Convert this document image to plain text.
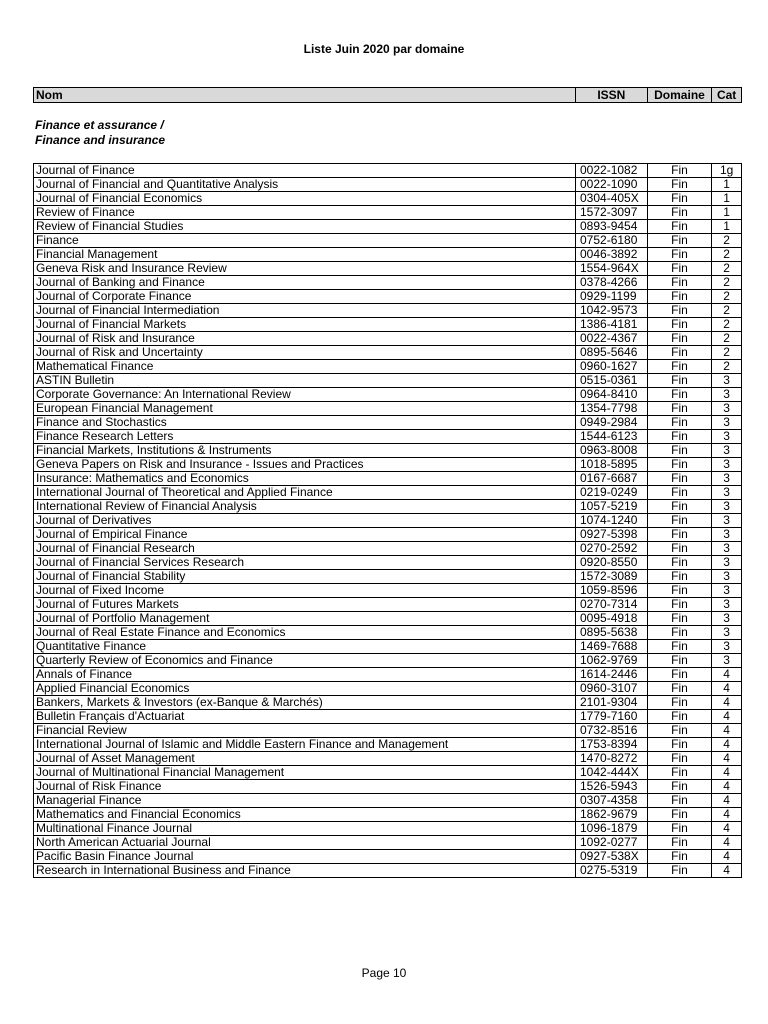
Liste Juin 2020 par domaine
Nom	ISSN	Domaine	Cat
Finance et assurance /
Finance and insurance
Journal of Finance	0022-1082	Fin	1g
Journal of Financial and Quantitative Analysis	0022-1090	Fin	1
Journal of Financial Economics	0304-405X	Fin	1
Review of Finance	1572-3097	Fin	1
Review of Financial Studies	0893-9454	Fin	1
Finance	0752-6180	Fin	2
Financial Management	0046-3892	Fin	2
Geneva Risk and Insurance Review	1554-964X	Fin	2
Journal of Banking and Finance	0378-4266	Fin	2
Journal of Corporate Finance	0929-1199	Fin	2
Journal of Financial Intermediation	1042-9573	Fin	2
Journal of Financial Markets	1386-4181	Fin	2
Journal of Risk and Insurance	0022-4367	Fin	2
Journal of Risk and Uncertainty	0895-5646	Fin	2
Mathematical Finance	0960-1627	Fin	2
ASTIN Bulletin	0515-0361	Fin	3
Corporate Governance: An International Review	0964-8410	Fin	3
European Financial Management	1354-7798	Fin	3
Finance and Stochastics	0949-2984	Fin	3
Finance Research Letters	1544-6123	Fin	3
Financial Markets, Institutions & Instruments	0963-8008	Fin	3
Geneva Papers on Risk and Insurance - Issues and Practices	1018-5895	Fin	3
Insurance: Mathematics and Economics	0167-6687	Fin	3
International Journal of Theoretical and Applied Finance	0219-0249	Fin	3
International Review of Financial Analysis	1057-5219	Fin	3
Journal of Derivatives	1074-1240	Fin	3
Journal of Empirical Finance	0927-5398	Fin	3
Journal of Financial Research	0270-2592	Fin	3
Journal of Financial Services Research	0920-8550	Fin	3
Journal of Financial Stability	1572-3089	Fin	3
Journal of Fixed Income	1059-8596	Fin	3
Journal of Futures Markets	0270-7314	Fin	3
Journal of Portfolio Management	0095-4918	Fin	3
Journal of Real Estate Finance and Economics	0895-5638	Fin	3
Quantitative Finance	1469-7688	Fin	3
Quarterly Review of Economics and Finance	1062-9769	Fin	3
Annals of Finance	1614-2446	Fin	4
Applied Financial Economics	0960-3107	Fin	4
Bankers, Markets & Investors (ex-Banque & Marchés)	2101-9304	Fin	4
Bulletin Français d'Actuariat	1779-7160	Fin	4
Financial Review	0732-8516	Fin	4
International Journal of Islamic and Middle Eastern Finance and Management	1753-8394	Fin	4
Journal of Asset Management	1470-8272	Fin	4
Journal of Multinational Financial Management	1042-444X	Fin	4
Journal of Risk Finance	1526-5943	Fin	4
Managerial Finance	0307-4358	Fin	4
Mathematics and Financial Economics	1862-9679	Fin	4
Multinational Finance Journal	1096-1879	Fin	4
North American Actuarial Journal	1092-0277	Fin	4
Pacific Basin Finance Journal	0927-538X	Fin	4
Research in International Business and Finance	0275-5319	Fin	4
Page 10
